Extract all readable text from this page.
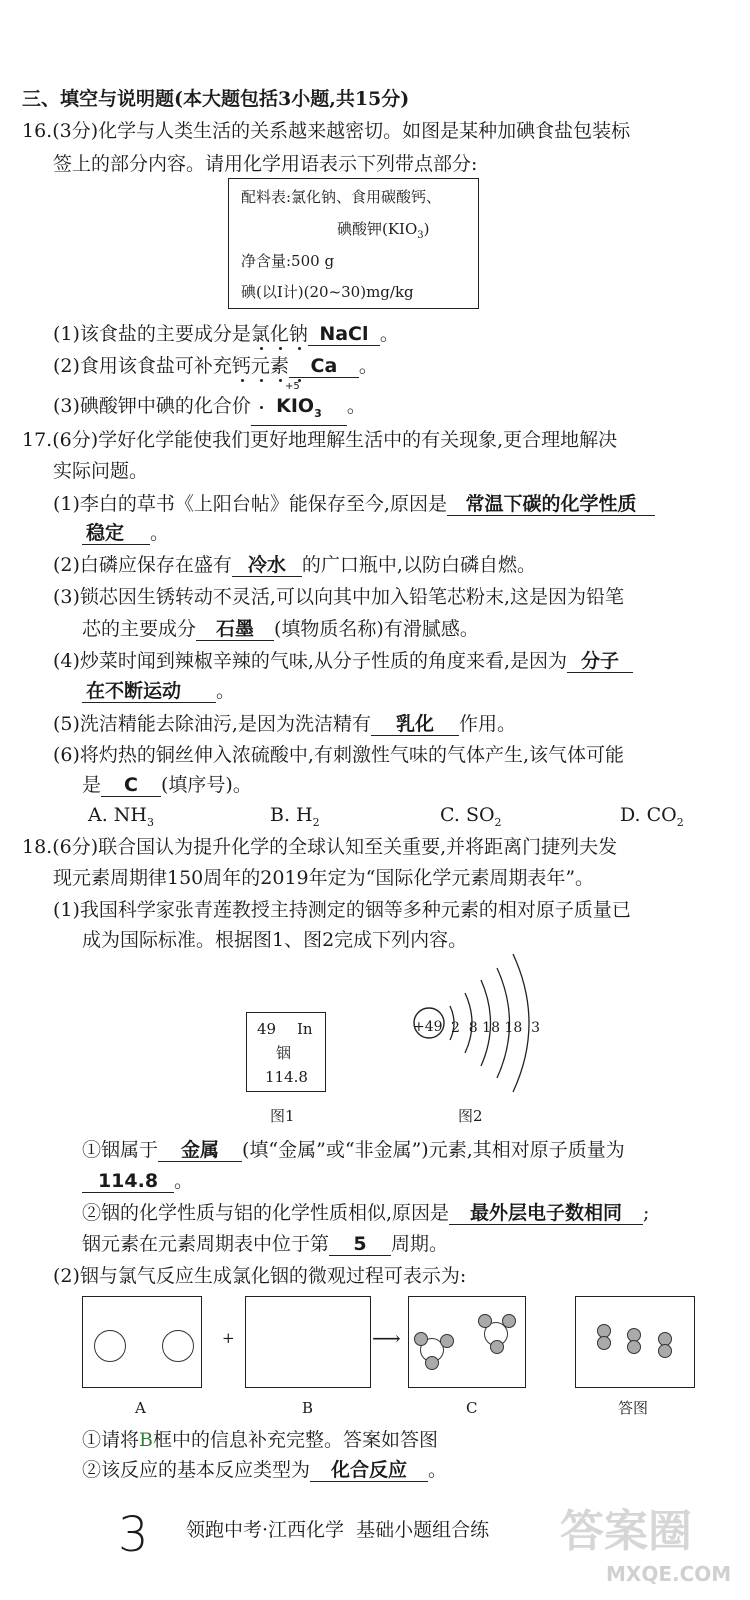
三、填空与说明题(本大题包括3小题,共15分)
16.(3分)化学与人类生活的关系越来越密切。如图是某种加碘食盐包装标
签上的部分内容。请用化学用语表示下列带点部分:
配料表:氯化钠、食用碳酸钙、
碘酸钾$(KIO_3)$
净含量:500 g
碘(以I计)(20~30)mg/kg
(1)该食盐的主要成分是氯化钠 NaCl 。
(2)食用该食盐可补充钙元素 Ca 。
+5
(3)碘酸钾中碘的化合价 $KIO_3$ 。
17.(6分)学好化学能使我们更好地理解生活中的有关现象,更合理地解决
实际问题。
(1)李白的草书《上阳台帖》能保存至今,原因是 常温下碳的化学性质
稳定 。
(2)白磷应保存在盛有 冷水 的广口瓶中,以防白磷自燃。
(3)锁芯因生锈转动不灵活,可以向其中加入铅笔芯粉末,这是因为铅笔
芯的主要成分 石墨 (填物质名称)有滑腻感。
(4)炒菜时闻到辣椒辛辣的气味,从分子性质的角度来看,是因为 分子
在不断运动 。
(5)洗洁精能去除油污,是因为洗洁精有 乳化 作用。
(6)将灼热的铜丝伸入浓硫酸中,有刺激性气味的气体产生,该气体可能
是 C (填序号)。
A. $NH_3$	B. $H_2$	C. $SO_2$	D. $CO_2$
18.(6分)联合国认为提升化学的全球认知至关重要,并将距离门捷列夫发
现元素周期律150周年的2019年定为“国际化学元素周期表年”。
(1)我国科学家张青莲教授主持测定的铟等多种元素的相对原子质量已
成为国际标准。根据图1、图2完成下列内容。
49 In
铟
114.8
图1
+49 2  8 18 18  3
图2
①铟属于 金属 (填“金属”或“非金属”)元素,其相对原子质量为
114.8 。
②铟的化学性质与铝的化学性质相似,原因是 最外层电子数相同 ;
铟元素在元素周期表中位于第 5 周期。
(2)铟与氯气反应生成氯化铟的微观过程可表示为:
+	⟶
A	B	C	答图
①请将B框中的信息补充完整。答案如答图
②该反应的基本反应类型为 化合反应 。
3 领跑中考·江西化学  基础小题组合练 答案圈
MXQE.COM
